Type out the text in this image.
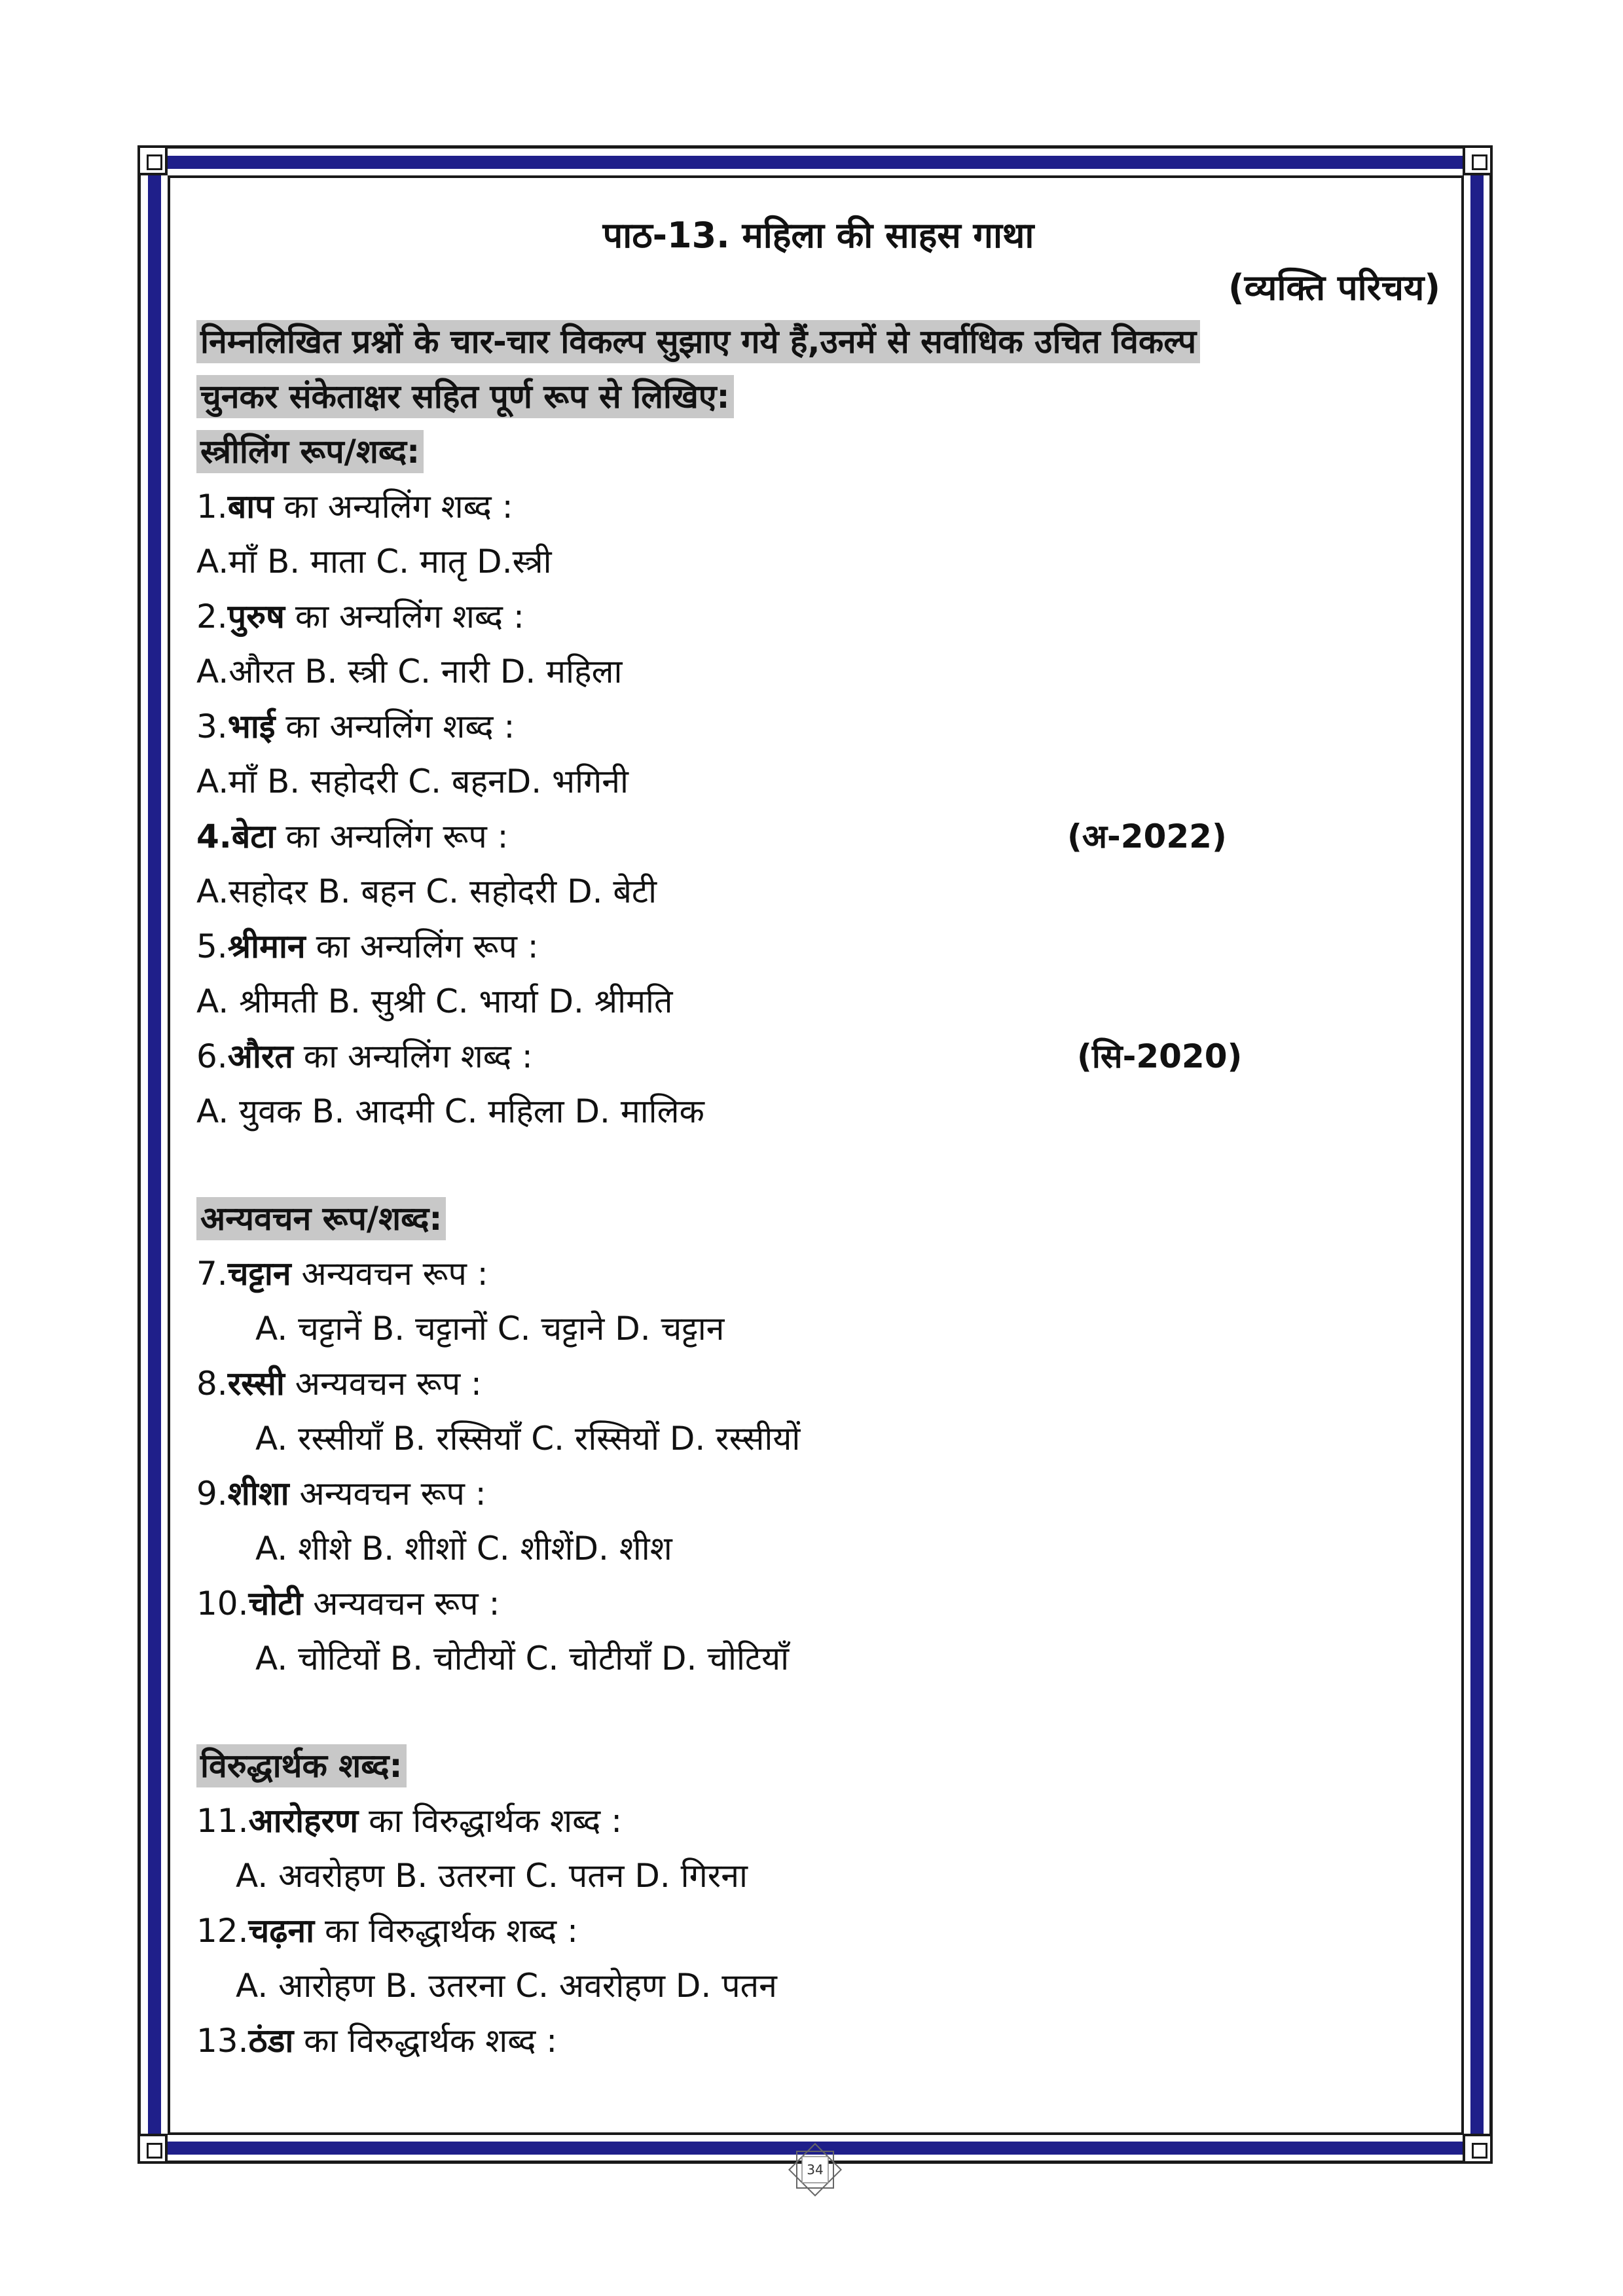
पाठ-13. महिला की साहस गाथा
(व्यक्ति परिचय)
निम्नलिखित प्रश्नों के चार-चार विकल्प सुझाए गये हैं,उनमें से सर्वाधिक उचित विकल्प
चुनकर संकेताक्षर सहित पूर्ण रूप से लिखिए:
स्त्रीलिंग रूप/शब्द:
1.बाप का अन्यलिंग शब्द :
A.माँ B. माता C. मातृ D.स्त्री
2.पुरुष का अन्यलिंग शब्द :
A.औरत B. स्त्री C. नारी D. महिला
3.भाई का अन्यलिंग शब्द :
A.माँ B. सहोदरी C. बहनD. भगिनी
4.बेटा का अन्यलिंग रूप :	(अ-2022)
A.सहोदर B. बहन C. सहोदरी D. बेटी
5.श्रीमान का अन्यलिंग रूप :
A. श्रीमती B. सुश्री C. भार्या D. श्रीमति
6.औरत का अन्यलिंग शब्द :	(सि-2020)
A. युवक B. आदमी C. महिला D. मालिक
अन्यवचन रूप/शब्द:
7.चट्टान अन्यवचन रूप :
A. चट्टानें B. चट्टानों C. चट्टाने D. चट्टान
8.रस्सी अन्यवचन रूप :
A. रस्सीयाँ B. रस्सियाँ C. रस्सियों D. रस्सीयों
9.शीशा अन्यवचन रूप :
A. शीशे B. शीशों C. शीशेंD. शीश
10.चोटी अन्यवचन रूप :
A. चोटियों B. चोटीयों C. चोटीयाँ D. चोटियाँ
विरुद्धार्थक शब्द:
11.आरोहरण का विरुद्धार्थक शब्द :
A. अवरोहण B. उतरना C. पतन D. गिरना
12.चढ़ना का विरुद्धार्थक शब्द :
A. आरोहण B. उतरना C. अवरोहण D. पतन
13.ठंडा का विरुद्धार्थक शब्द :
34
